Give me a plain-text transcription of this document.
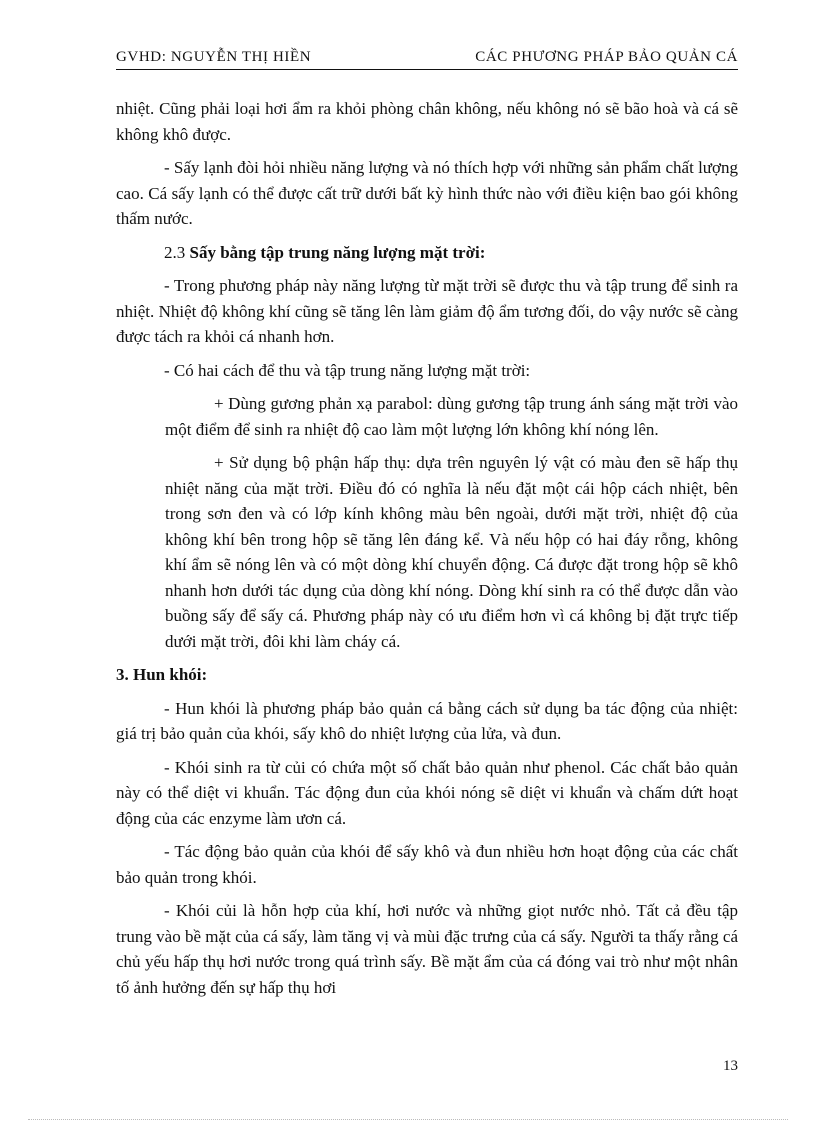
GVHD: NGUYỄN THỊ HIỀN	CÁC PHƯƠNG PHÁP BẢO QUẢN CÁ

nhiệt. Cũng phải loại hơi ẩm ra khỏi phòng chân không, nếu không nó sẽ bão hoà và cá sẽ không khô được.

- Sấy lạnh đòi hỏi nhiều năng lượng và nó thích hợp với những sản phẩm chất lượng cao. Cá sấy lạnh có thể được cất trữ dưới bất kỳ hình thức nào với điều kiện bao gói không thấm nước.

2.3 Sấy bằng tập trung năng lượng mặt trời:

- Trong phương pháp này năng lượng từ mặt trời sẽ được thu và tập trung để sinh ra nhiệt. Nhiệt độ không khí cũng sẽ tăng lên làm giảm độ ẩm tương đối, do vậy nước sẽ càng được tách ra khỏi cá nhanh hơn.

- Có hai cách để thu và tập trung năng lượng mặt trời:

+ Dùng gương phản xạ parabol: dùng gương tập trung ánh sáng mặt trời vào một điểm để sinh ra nhiệt độ cao làm một lượng lớn không khí nóng lên.

+ Sử dụng bộ phận hấp thụ: dựa trên nguyên lý vật có màu đen sẽ hấp thụ nhiệt năng của mặt trời. Điều đó có nghĩa là nếu đặt một cái hộp cách nhiệt, bên trong sơn đen và có lớp kính không màu bên ngoài, dưới mặt trời, nhiệt độ của không khí bên trong hộp sẽ tăng lên đáng kể. Và nếu hộp có hai đáy rỗng, không khí ẩm sẽ nóng lên và có một dòng khí chuyển động. Cá được đặt trong hộp sẽ khô nhanh hơn dưới tác dụng của dòng khí nóng. Dòng khí sinh ra có thể được dẫn vào buồng sấy để sấy cá. Phương pháp này có ưu điểm hơn vì cá không bị đặt trực tiếp dưới mặt trời, đôi khi làm cháy cá.

3. Hun khói:

- Hun khói là phương pháp bảo quản cá bằng cách sử dụng ba tác động của nhiệt: giá trị bảo quản của khói, sấy khô do nhiệt lượng của lửa, và đun.

- Khói sinh ra từ củi có chứa một số chất bảo quản như phenol. Các chất bảo quản này có thể diệt vi khuẩn. Tác động đun của khói nóng sẽ diệt vi khuẩn và chấm dứt hoạt động của các enzyme làm ươn cá.

- Tác động bảo quản của khói để sấy khô và đun nhiều hơn hoạt động của các chất bảo quản trong khói.

- Khói củi là hỗn hợp của khí, hơi nước và những giọt nước nhỏ. Tất cả đều tập trung vào bề mặt của cá sấy, làm tăng vị và mùi đặc trưng của cá sấy. Người ta thấy rằng cá chủ yếu hấp thụ hơi nước trong quá trình sấy. Bề mặt ẩm của cá đóng vai trò như một nhân tố ảnh hưởng đến sự hấp thụ hơi

13
